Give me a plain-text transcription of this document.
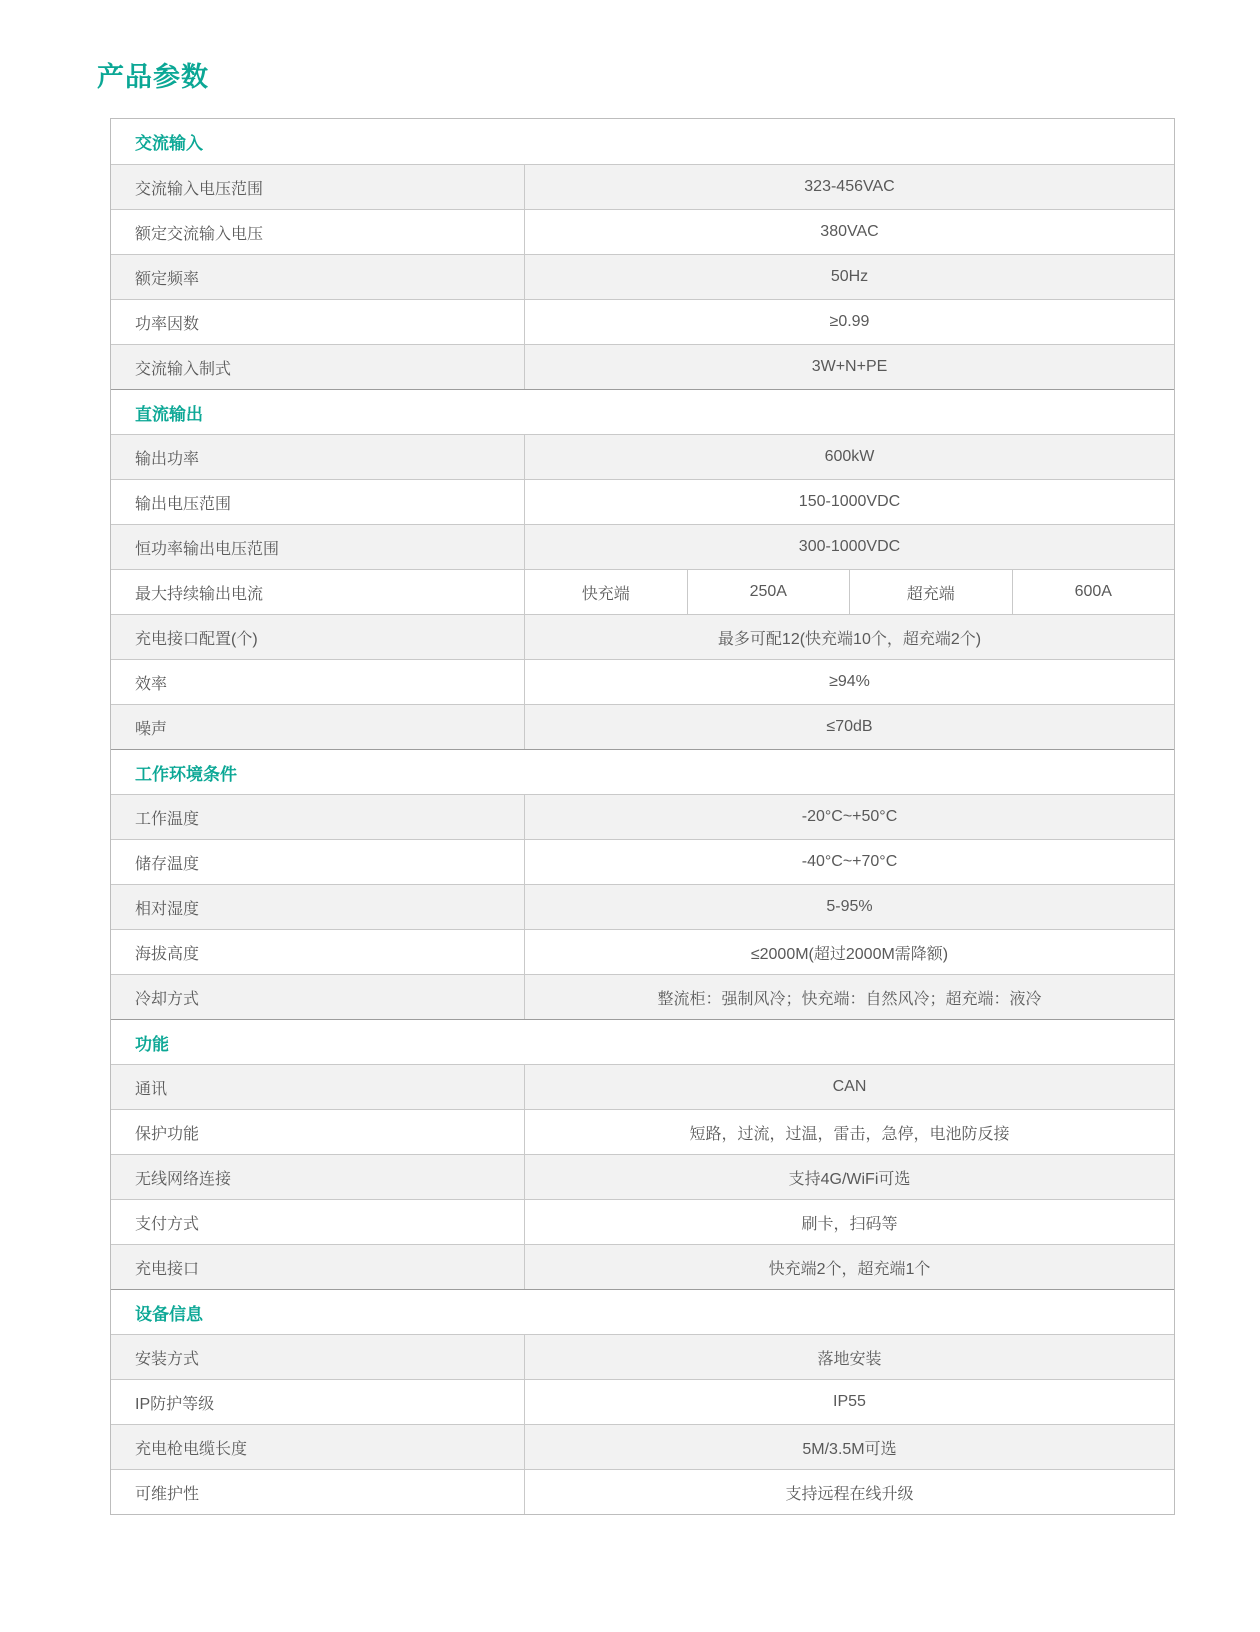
产品参数
交流输入
交流输入电压范围	323-456VAC
额定交流输入电压	380VAC
额定频率	50Hz
功率因数	≥0.99
交流输入制式	3W+N+PE
直流输出
输出功率	600kW
输出电压范围	150-1000VDC
恒功率输出电压范围	300-1000VDC
最大持续输出电流	快充端	250A	超充端	600A
充电接口配置(个)	最多可配12(快充端10个，超充端2个)
效率	≥94%
噪声	≤70dB
工作环境条件
工作温度	-20°C~+50°C
储存温度	-40°C~+70°C
相对湿度	5-95%
海拔高度	≤2000M(超过2000M需降额)
冷却方式	整流柜：强制风冷；快充端：自然风冷；超充端：液冷
功能
通讯	CAN
保护功能	短路，过流，过温，雷击，急停，电池防反接
无线网络连接	支持4G/WiFi可选
支付方式	刷卡，扫码等
充电接口	快充端2个，超充端1个
设备信息
安装方式	落地安装
IP防护等级	IP55
充电枪电缆长度	5M/3.5M可选
可维护性	支持远程在线升级
